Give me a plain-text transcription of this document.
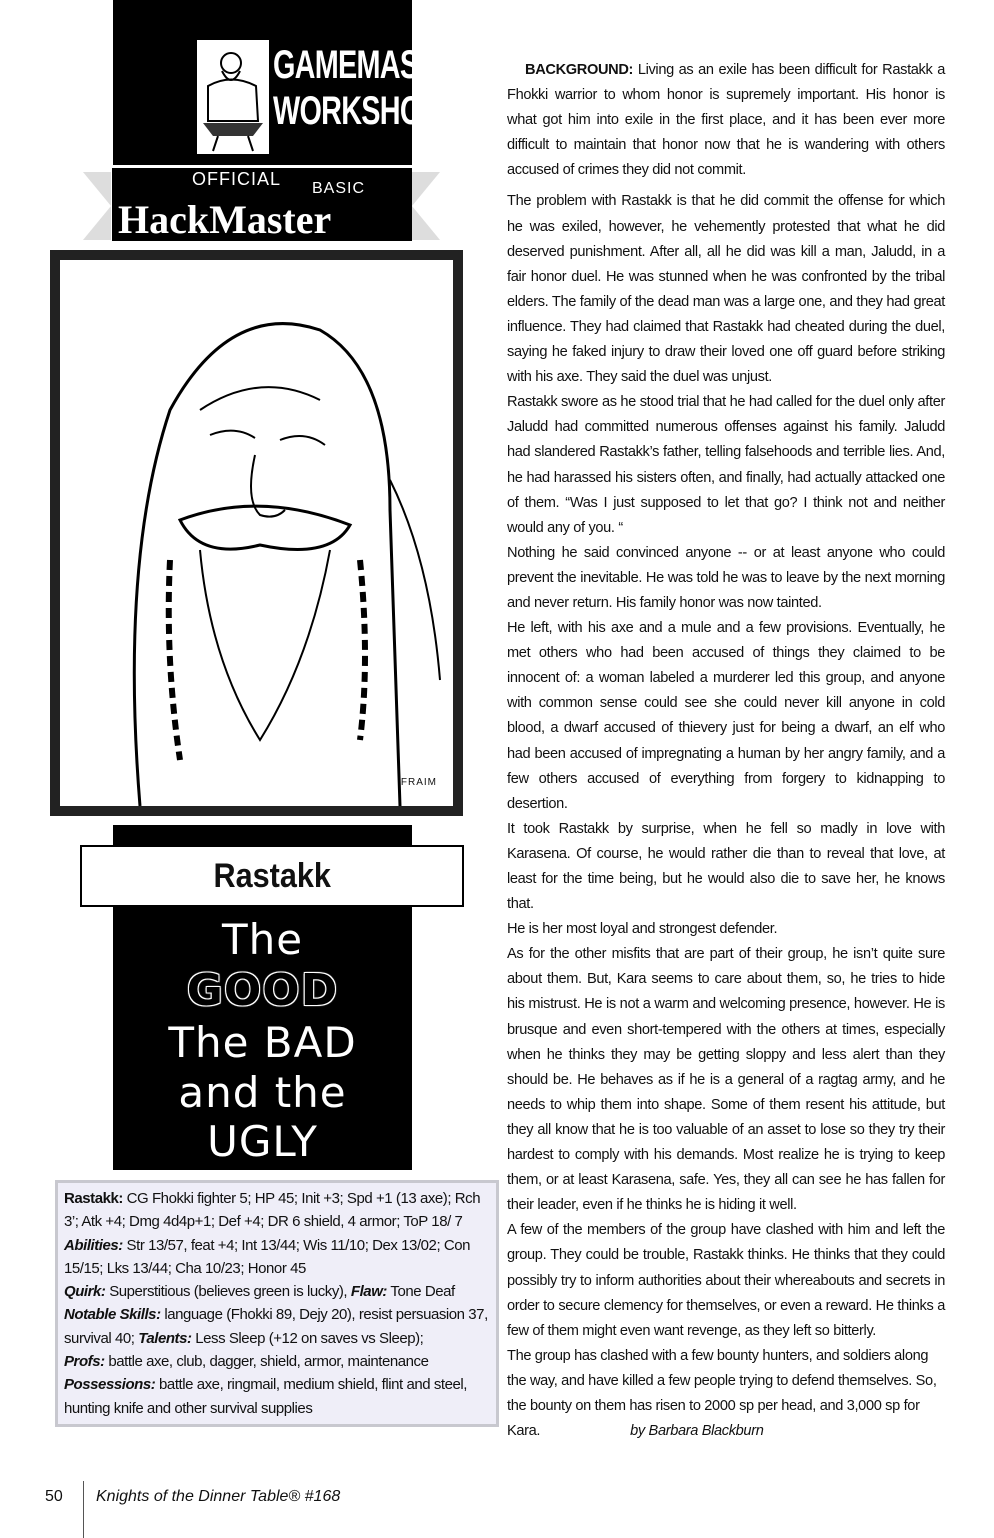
GAMEMASTERS'
WORKSHOP
OFFICIAL BASIC
HackMaster
FRAIM
Rastakk
The
GOOD
The BAD
and the
UGLY

Rastakk: CG Fhokki fighter 5; HP 45; Init +3; Spd +1 (13 axe); Rch 3’; Atk +4; Dmg 4d4p+1; Def +4; DR 6 shield, 4 armor; ToP 18/ 7

Abilities: Str 13/57, feat +4; Int 13/44; Wis 11/10; Dex 13/02; Con 15/15; Lks 13/44; Cha 10/23; Honor 45

Quirk: Superstitious (believes green is lucky), Flaw: Tone Deaf

Notable Skills: language (Fhokki 89, Dejy 20), resist persuasion 37, survival 40; Talents: Less Sleep (+12 on saves vs Sleep);

Profs: battle axe, club, dagger, shield, armor, maintenance

Possessions: battle axe, ringmail, medium shield, flint and steel, hunting knife and other survival supplies

BACKGROUND: Living as an exile has been difficult for Rastakk a Fhokki warrior to whom honor is supremely important. His honor is what got him into exile in the first place, and it has been ever more difficult to maintain that honor now that he is wandering with others accused of crimes they did not commit.

The problem with Rastakk is that he did commit the offense for which he was exiled, however, he vehemently protested that what he did deserved punishment. After all, all he did was kill a man, Jaludd, in a fair honor duel. He was stunned when he was confronted by the tribal elders. The family of the dead man was a large one, and they had great influence. They had claimed that Rastakk had cheated during the duel, saying he faked injury to draw their loved one off guard before striking with his axe. They said the duel was unjust.

Rastakk swore as he stood trial that he had called for the duel only after Jaludd had committed numerous offenses against his family. Jaludd had slandered Rastakk’s father, telling falsehoods and terrible lies. And, he had harassed his sisters often, and finally, had actually attacked one of them. “Was I just supposed to let that go? I think not and neither would any of you. “

Nothing he said convinced anyone -- or at least anyone who could prevent the inevitable. He was told he was to leave by the next morning and never return. His family honor was now tainted.

He left, with his axe and a mule and a few provisions. Eventually, he met others who had been accused of things they claimed to be innocent of: a woman labeled a murderer led this group, and anyone with common sense could see she could never kill anyone in cold blood, a dwarf accused of thievery just for being a dwarf, an elf who had been accused of impregnating a human by her angry family, and a few others accused of everything from forgery to kidnapping to desertion.

It took Rastakk by surprise, when he fell so madly in love with Karasena. Of course, he would rather die than to reveal that love, at least for the time being, but he would also die to save her, he knows that.

He is her most loyal and strongest defender.

As for the other misfits that are part of their group, he isn’t quite sure about them. But, Kara seems to care about them, so, he tries to hide his mistrust. He is not a warm and welcoming presence, however. He is brusque and even short-tempered with the others at times, especially when he thinks they may be getting sloppy and less alert than they should be. He behaves as if he is a general of a ragtag army, and he needs to whip them into shape. Some of them resent his attitude, but they all know that he is too valuable of an asset to lose so they try their hardest to comply with his demands. Most realize he is trying to keep them, or at least Karasena, safe. Yes, they all can see he has fallen for their leader, even if he thinks he is hiding it well.

A few of the members of the group have clashed with him and left the group. They could be trouble, Rastakk thinks. He thinks that they could possibly try to inform authorities about their whereabouts and secrets in order to secure clemency for themselves, or even a reward. He thinks a few of them might even want revenge, as they left so bitterly.

The group has clashed with a few bounty hunters, and soldiers along the way, and have killed a few people trying to defend themselves. So, the bounty on them has risen to 2000 sp per head, and 3,000 sp for Kara.	by Barbara Blackburn

50 Knights of the Dinner Table® #168
